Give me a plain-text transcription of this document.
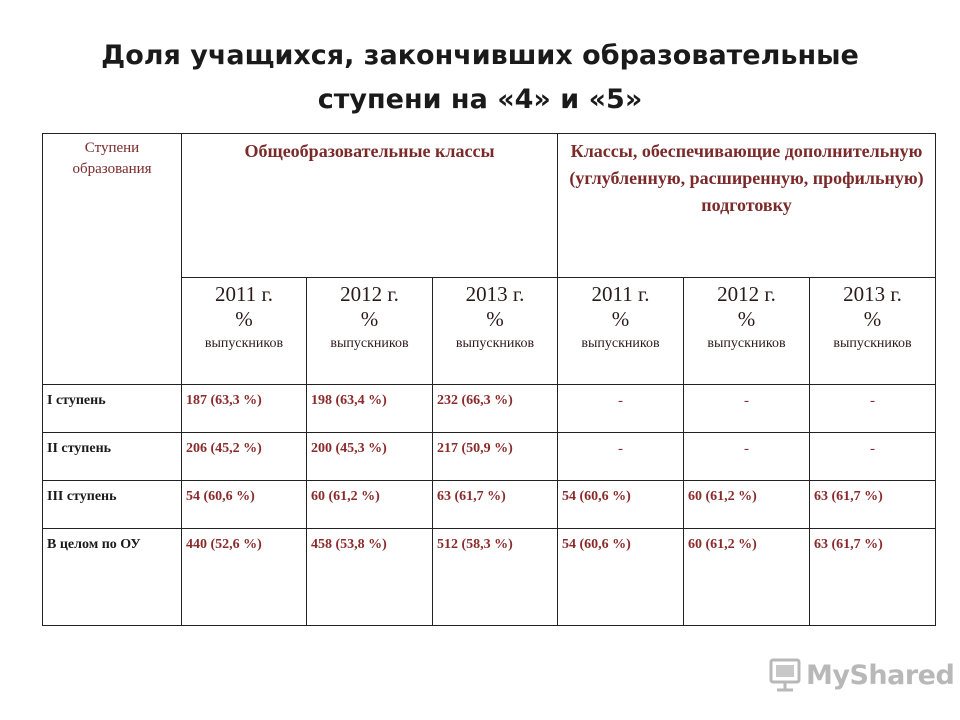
Доля учащихся, закончивших образовательные
ступени на «4» и «5»
Ступени образования	Общеобразовательные классы			Классы, обеспечивающие дополнительную (углубленную, расширенную, профильную) подготовку		

	2011 г.
%
выпускников	2012 г.
%
выпускников	2013 г.
%
выпускников	2011 г.
%
выпускников	2012 г.
%
выпускников	2013 г.
%
выпускников

I ступень	187 (63,3 %)	198 (63,4 %)	232 (66,3 %)	-	-	-
II ступень	206 (45,2 %)	200 (45,3 %)	217 (50,9 %)	-	-	-
III ступень	54 (60,6 %)	60 (61,2 %)	63 (61,7 %)	54 (60,6 %)	60 (61,2 %)	63 (61,7 %)
В целом по ОУ	440 (52,6 %)	458 (53,8 %)	512 (58,3 %)	54 (60,6 %)	60 (61,2 %)	63 (61,7 %)
MyShared
